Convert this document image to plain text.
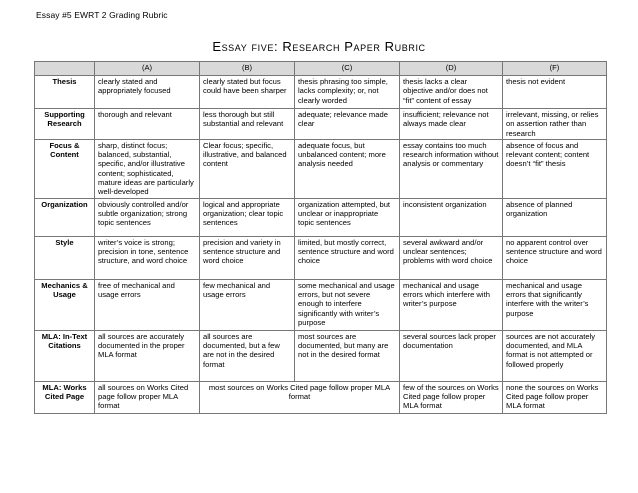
Essay #5 EWRT 2 Grading Rubric
Essay five: Research Paper Rubric
	(A)	(B)	(C)	(D)	(F)
Thesis	clearly stated and appropriately focused	clearly stated but focus could have been sharper	thesis phrasing too simple, lacks complexity; or, not clearly worded	thesis lacks a clear objective and/or does not “fit” content of essay	thesis not evident
Supporting Research	thorough and relevant	less thorough but still substantial and relevant	adequate; relevance made clear	insufficient; relevance not always made clear	irrelevant, missing, or relies on assertion rather than research
Focus & Content	sharp, distinct focus; balanced, substantial, specific, and/or illustrative content; sophisticated, mature ideas are particularly well-developed	Clear focus; specific, illustrative, and balanced content	adequate focus, but unbalanced content; more analysis needed	essay contains too much research information without analysis or commentary	absence of focus and relevant content; content doesn’t “fit” thesis
Organization	obviously controlled and/or subtle organization; strong topic sentences	logical and appropriate organization; clear topic sentences	organization attempted, but unclear or inappropriate topic sentences	inconsistent organization	absence of planned organization
Style	writer’s voice is strong; precision in tone, sentence structure, and word choice	precision and variety in sentence structure and word choice	limited, but mostly correct, sentence structure and word choice	several awkward and/or unclear sentences; problems with word choice	no apparent control over sentence structure and word choice
Mechanics & Usage	free of mechanical and usage errors	few mechanical and usage errors	some mechanical and usage errors, but not severe enough to interfere significantly with writer’s purpose	mechanical and usage errors which interfere with writer’s purpose	mechanical and usage errors that significantly interfere with the writer’s purpose
MLA: In-Text Citations	all sources are accurately documented in the proper MLA format	all sources are documented, but a few are not in the desired format	most sources are documented, but many are not in the desired format	several sources lack proper documentation	sources are not accurately documented, and MLA format is not attempted or followed properly
MLA: Works Cited Page	all sources on Works Cited page follow proper MLA format	most sources on Works Cited page follow proper MLA format		few of the sources on Works Cited page follow proper MLA format	none the sources on Works Cited page follow proper MLA format
